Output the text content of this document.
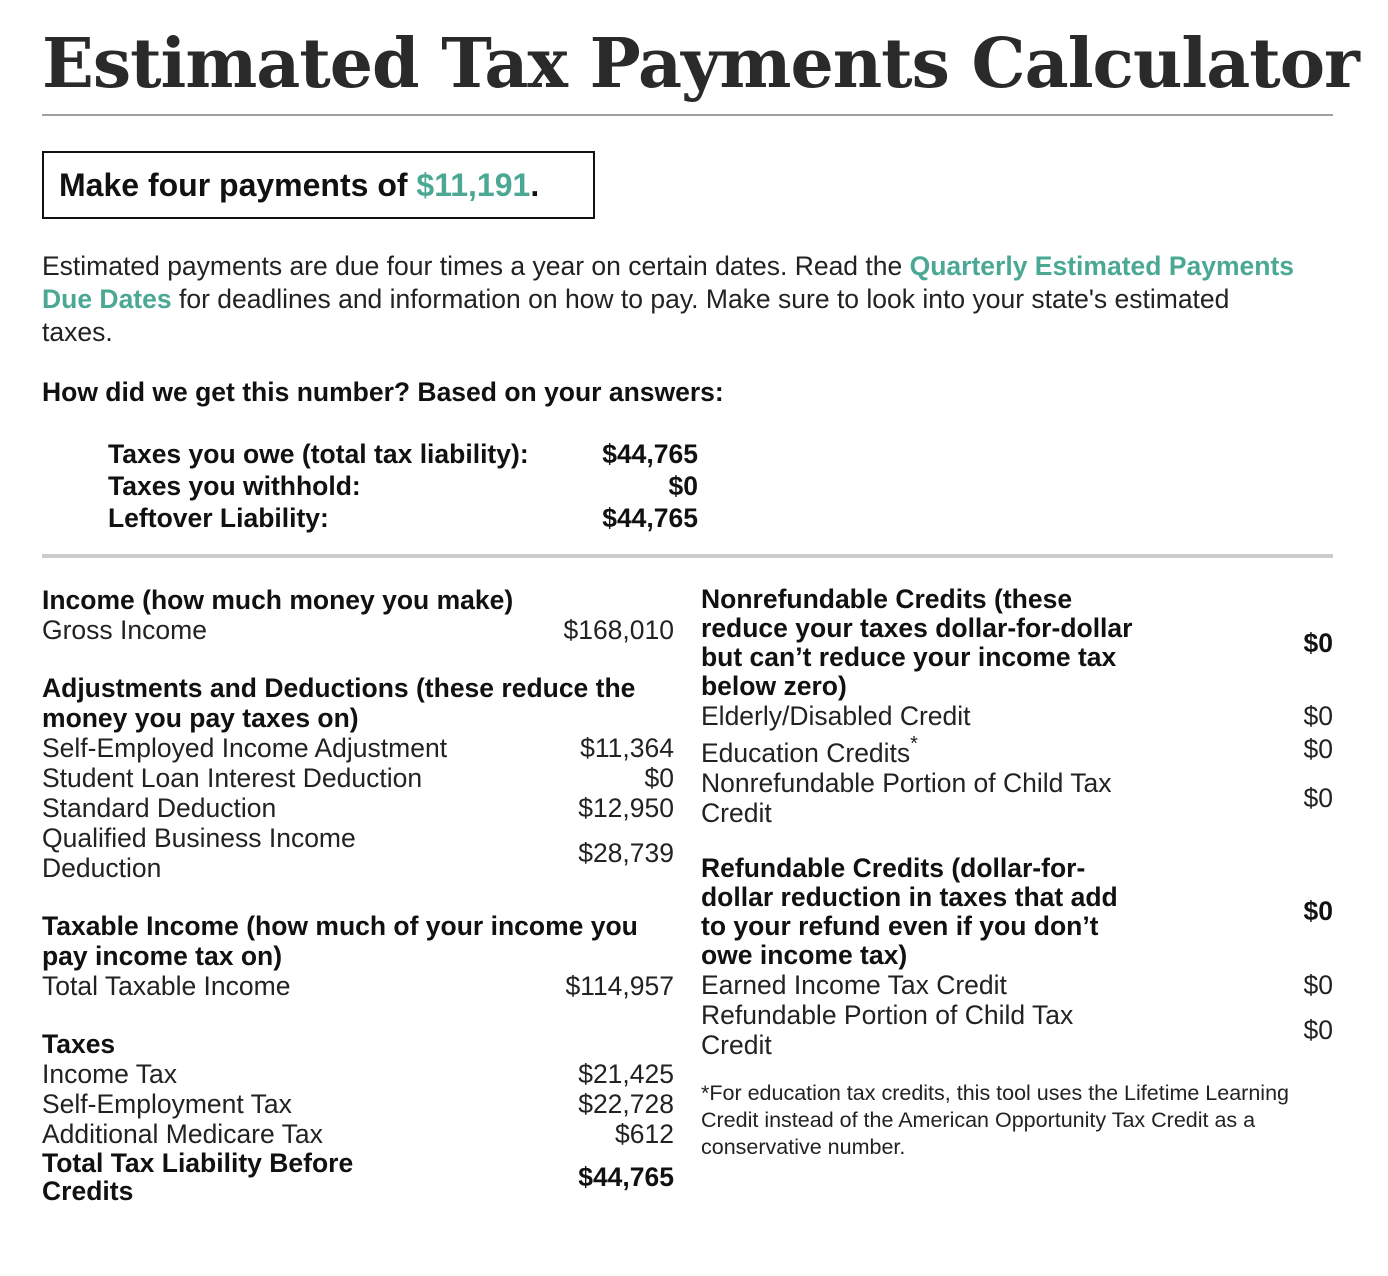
Estimated Tax Payments Calculator
Make four payments of $11,191 .

Estimated payments are due four times a year on certain dates. Read the Quarterly Estimated Payments Due Dates for deadlines and information on how to pay. Make sure to look into your state's estimated taxes.

How did we get this number? Based on your answers:
Taxes you owe (total tax liability):	$44,765
Taxes you withhold:	$0
Leftover Liability:	$44,765
Income (how much money you make)
Gross Income	$168,010
Adjustments and Deductions (these reduce the money you pay taxes on)
Self-Employed Income Adjustment	$11,364
Student Loan Interest Deduction	$0
Standard Deduction	$12,950
Qualified Business Income Deduction	$28,739
Taxable Income (how much of your income you pay income tax on)
Total Taxable Income	$114,957
Taxes
Income Tax	$21,425
Self-Employment Tax	$22,728
Additional Medicare Tax	$612
Total Tax Liability Before Credits	$44,765
Nonrefundable Credits (these reduce your taxes dollar-for-dollar but can’t reduce your income tax below zero)
$0
Elderly/Disabled Credit	$0
Education Credits*	$0
Nonrefundable Portion of Child Tax Credit	$0
Refundable Credits (dollar-for-dollar reduction in taxes that add to your refund even if you don’t owe income tax)
$0
Earned Income Tax Credit	$0
Refundable Portion of Child Tax Credit	$0
*For education tax credits, this tool uses the Lifetime Learning Credit instead of the American Opportunity Tax Credit as a conservative number.
